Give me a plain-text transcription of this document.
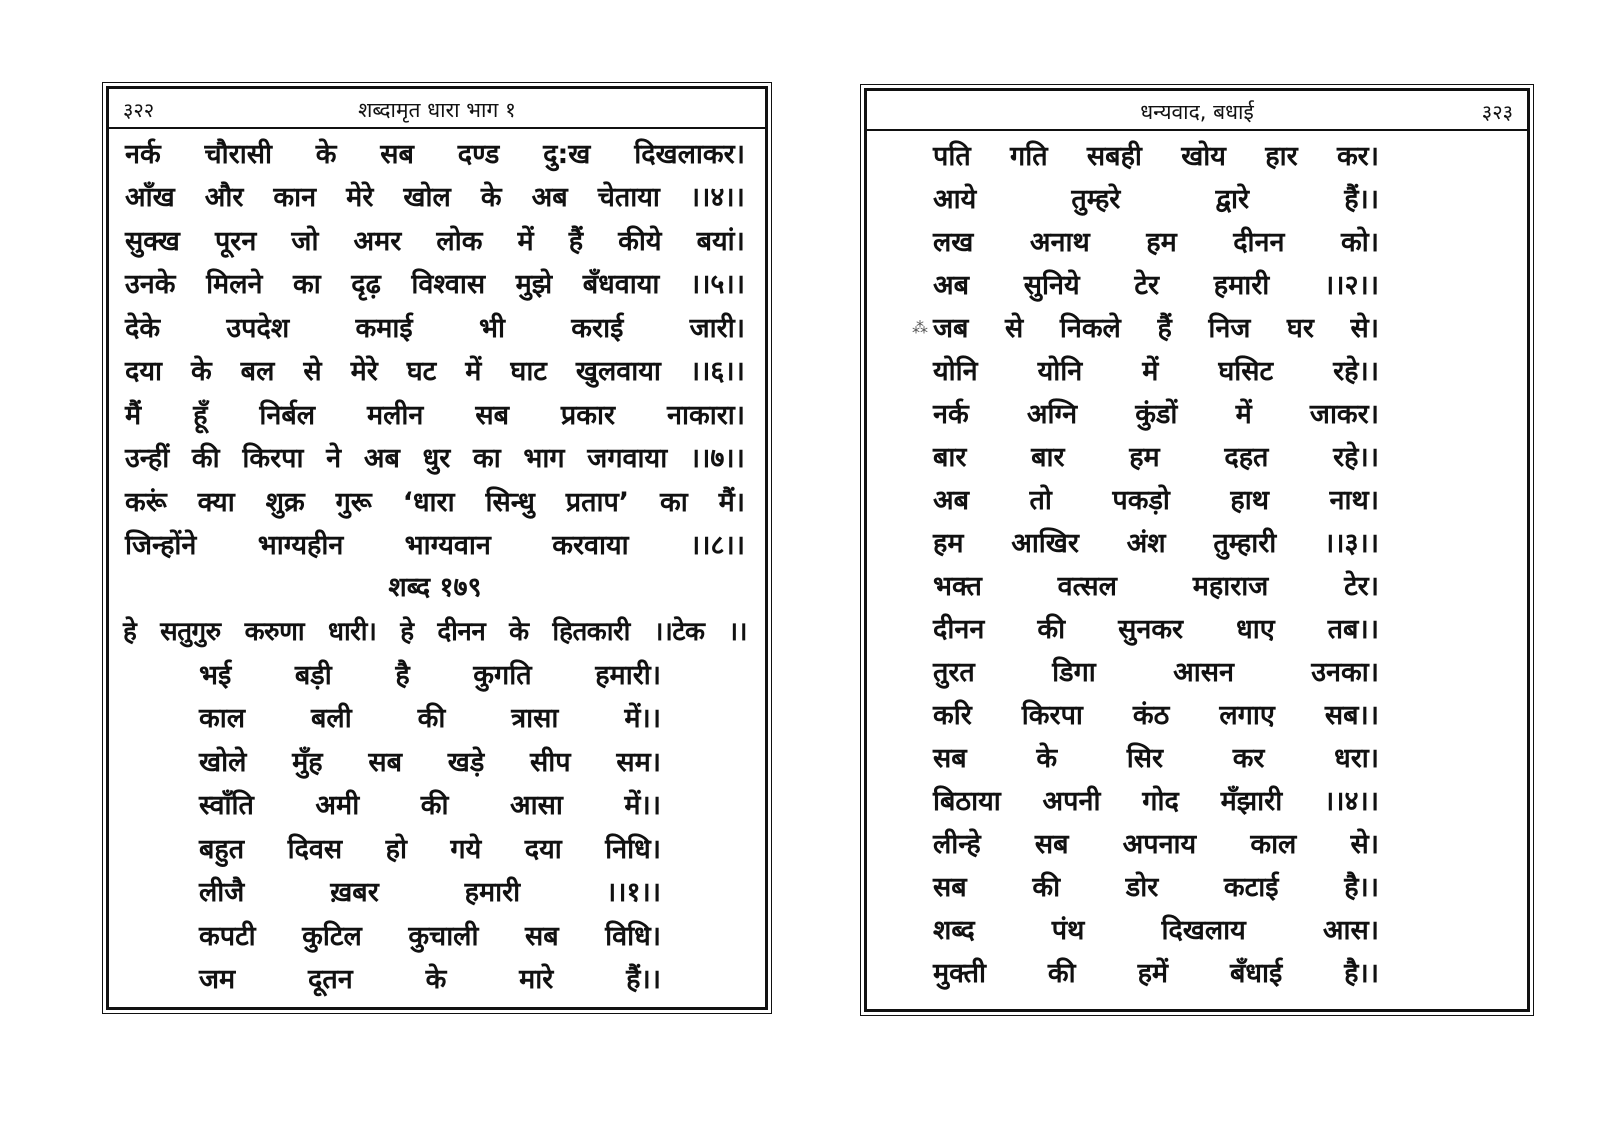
३२२	शब्दामृत धारा भाग १
नर्क चौरासी के सब दण्ड दु:ख दिखलाकर।
आँख और कान मेरे खोल के अब चेताया ।।४।।
सुक्ख पूरन जो अमर लोक में हैं कीये बयां।
उनके मिलने का दृढ़ विश्वास मुझे बँधवाया ।।५।।
देके उपदेश कमाई भी कराई जारी।
दया के बल से मेरे घट में घाट खुलवाया ।।६।।
मैं हूँ निर्बल मलीन सब प्रकार नाकारा।
उन्हीं की किरपा ने अब धुर का भाग जगवाया ।।७।।
करूं क्या शुक्र गुरू ‘धारा सिन्धु प्रताप’ का मैं।
जिन्होंने भाग्यहीन भाग्यवान करवाया ।।८।।
शब्द १७९
हे सतुगुरु करुणा धारी। हे दीनन के हितकारी ।।टेक ।।
भई बड़ी है कुगति हमारी।
काल बली की त्रासा में।।
खोले मुँह सब खड़े सीप सम।
स्वाँति अमी की आसा में।।
बहुत दिवस हो गये दया निधि।
लीजै	ख़बर	हमारी	।।१।।
कपटी कुटिल कुचाली सब विधि।
जम	दूतन	के	मारे	हैं।।
धन्यवाद, बधाई	३२३
पति गति सबही खोय हार कर।
आये	तुम्हरे	द्वारे	हैं।।
लख अनाथ हम दीनन को।
अब सुनिये टेर हमारी ।।२।।
जब से निकले हैं निज घर से।
योनि योनि में घसिट रहे।।
नर्क अग्नि कुंडों में जाकर।
बार बार हम दहत रहे।।
अब तो पकड़ो हाथ नाथ।
हम आखिर अंश तुम्हारी ।।३।।
भक्त	वत्सल	महाराज	टेर।
दीनन की सुनकर धाए तब।।
तुरत	डिगा	आसन	उनका।
करि किरपा कंठ लगाए सब।।
सब	के	सिर	कर	धरा।
बिठाया अपनी गोद मँझारी ।।४।।
लीन्हे सब अपनाय काल से।
सब की डोर कटाई है।।
शब्द	पंथ	दिखलाय	आस।
मुक्ती की हमें बँधाई है।।
⁂
